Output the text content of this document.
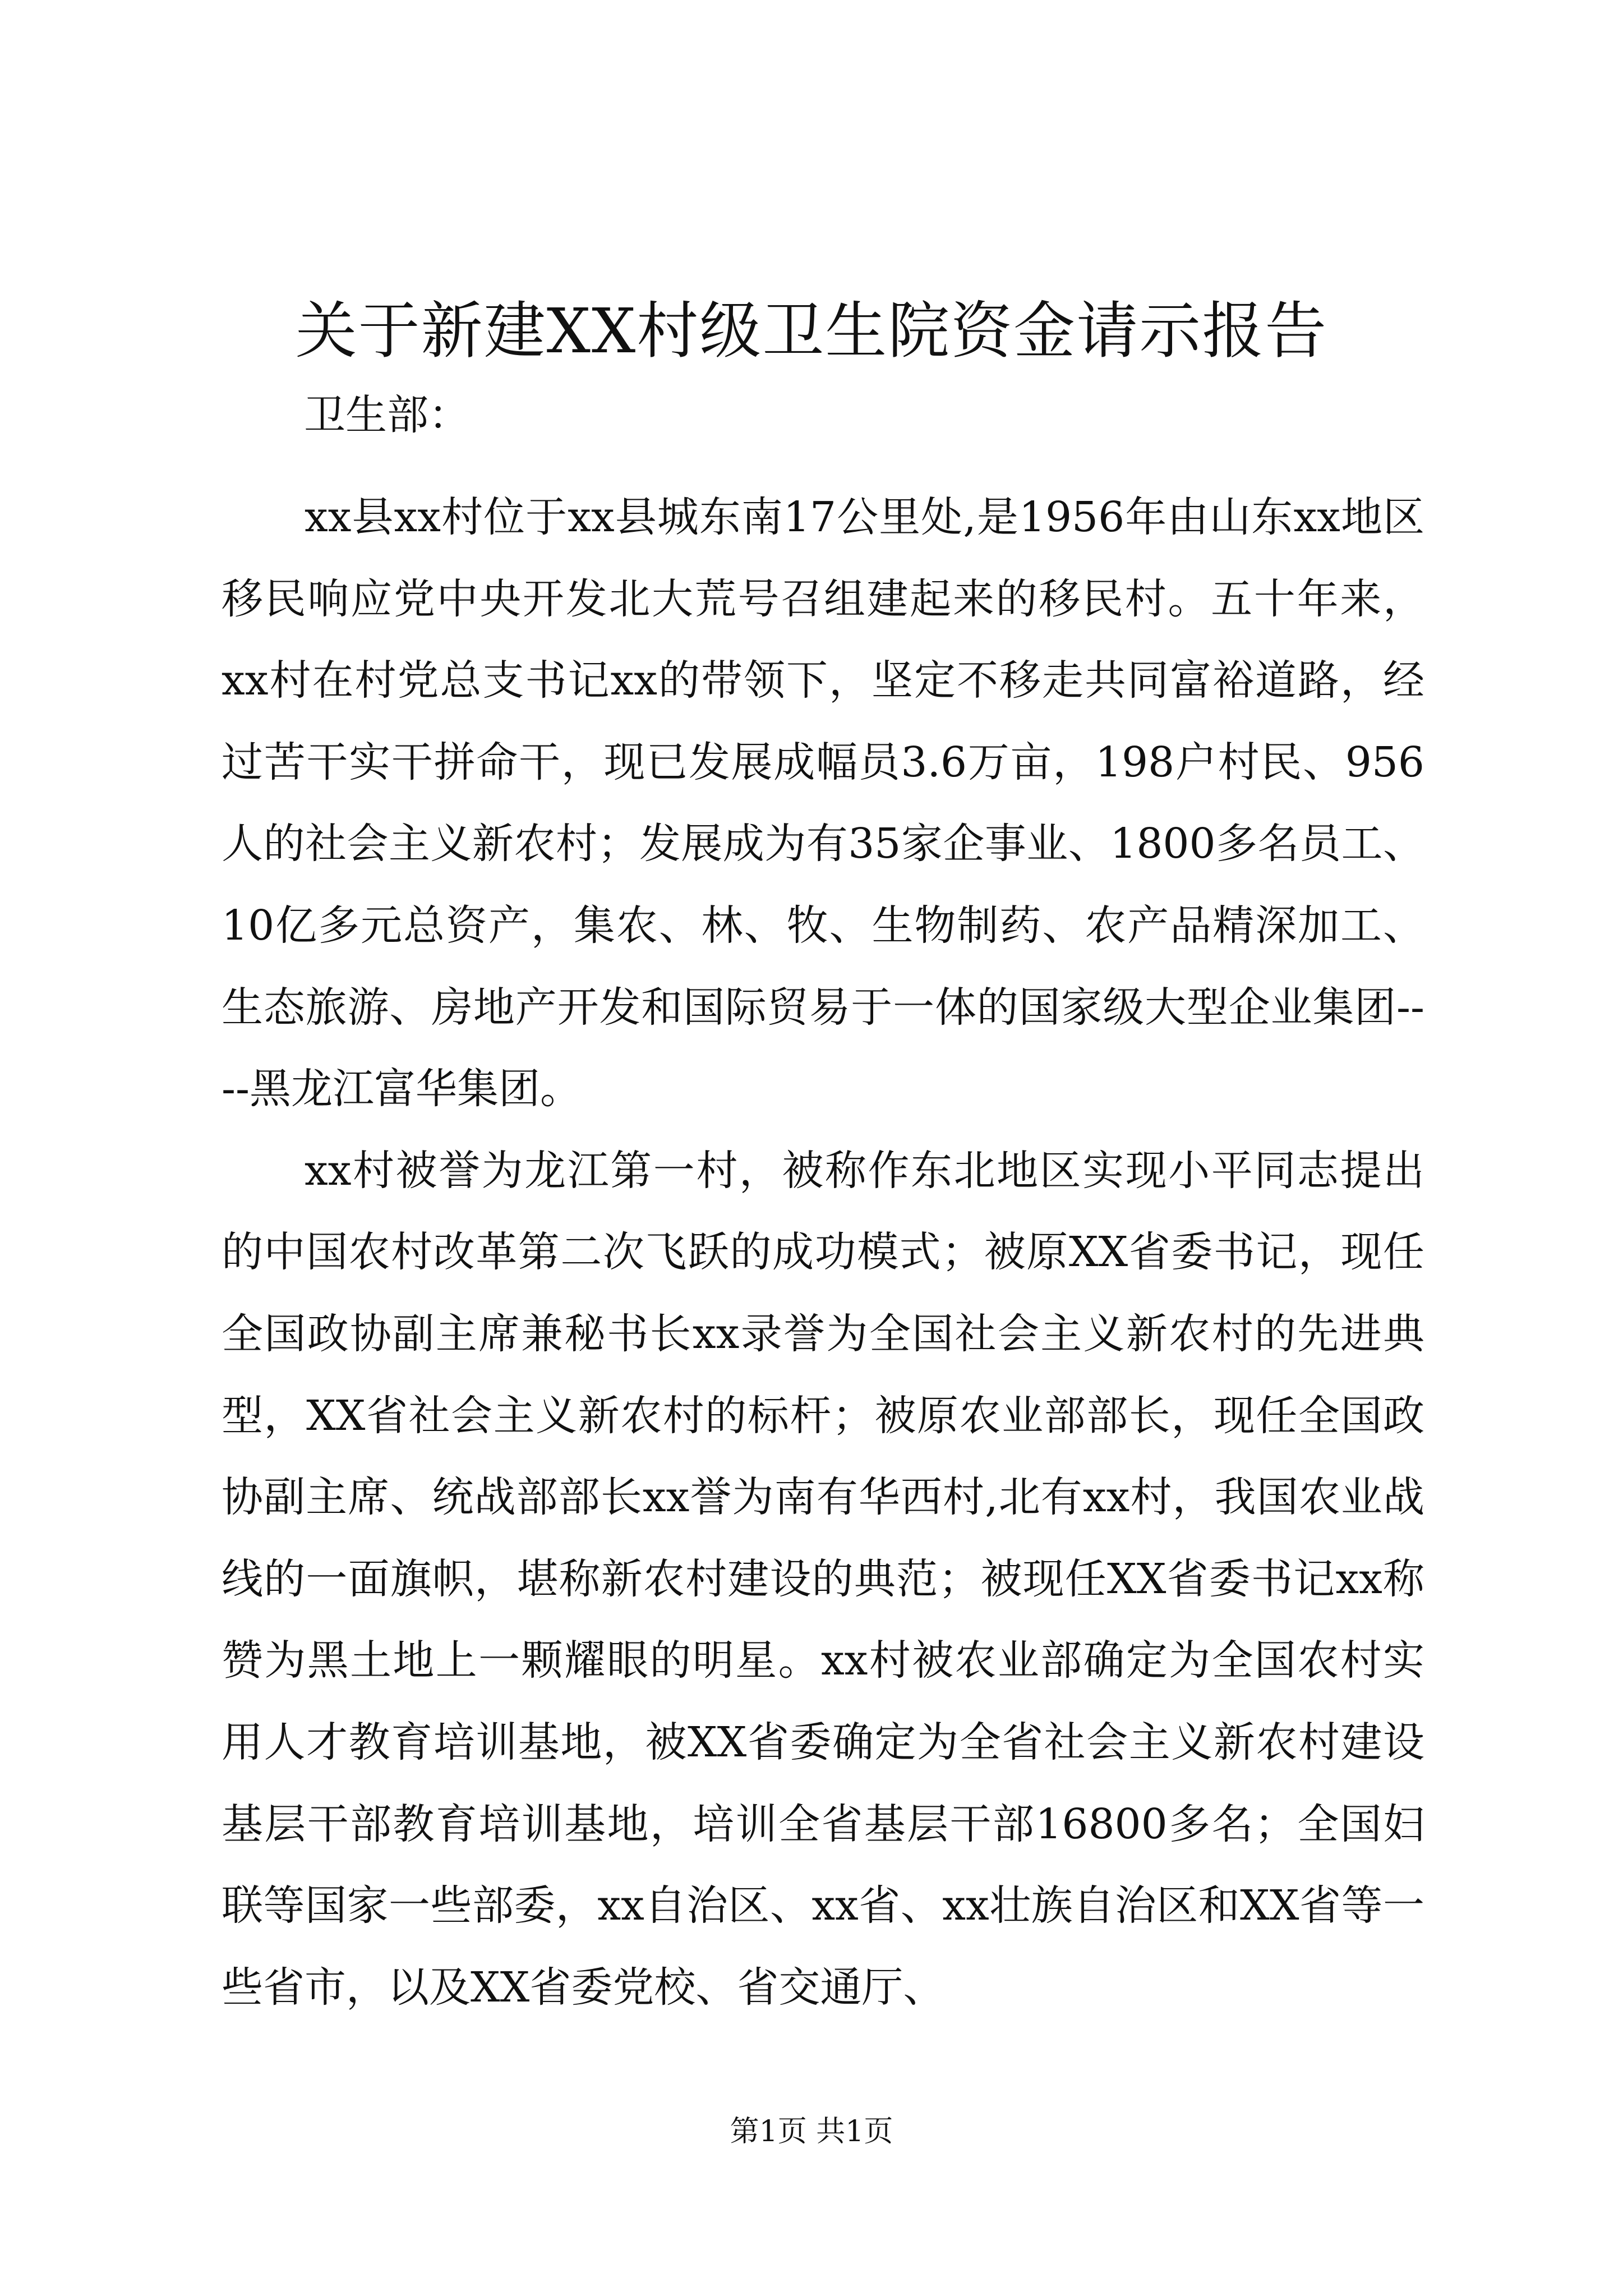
关于新建XX村级卫生院资金请示报告

卫生部：

xx县xx村位于xx县城东南17公里处,是1956年由山东xx地区移民响应党中央开发北大荒号召组建起来的移民村。五十年来，xx村在村党总支书记xx的带领下，坚定不移走共同富裕道路，经过苦干实干拼命干，现已发展成幅员3.6万亩，198户村民、956人的社会主义新农村；发展成为有35家企事业、1800多名员工、10亿多元总资产，集农、林、牧、生物制药、农产品精深加工、生态旅游、房地产开发和国际贸易于一体的国家级大型企业集团----黑龙江富华集团。

xx村被誉为龙江第一村，被称作东北地区实现小平同志提出的中国农村改革第二次飞跃的成功模式；被原XX省委书记，现任全国政协副主席兼秘书长xx录誉为全国社会主义新农村的先进典型，XX省社会主义新农村的标杆；被原农业部部长，现任全国政协副主席、统战部部长xx誉为南有华西村,北有xx村，我国农业战线的一面旗帜，堪称新农村建设的典范；被现任XX省委书记xx称赞为黑土地上一颗耀眼的明星。xx村被农业部确定为全国农村实用人才教育培训基地，被XX省委确定为全省社会主义新农村建设基层干部教育培训基地，培训全省基层干部16800多名；全国妇联等国家一些部委，xx自治区、xx省、xx壮族自治区和XX省等一些省市，以及XX省委党校、省交通厅、

第1页 共1页
